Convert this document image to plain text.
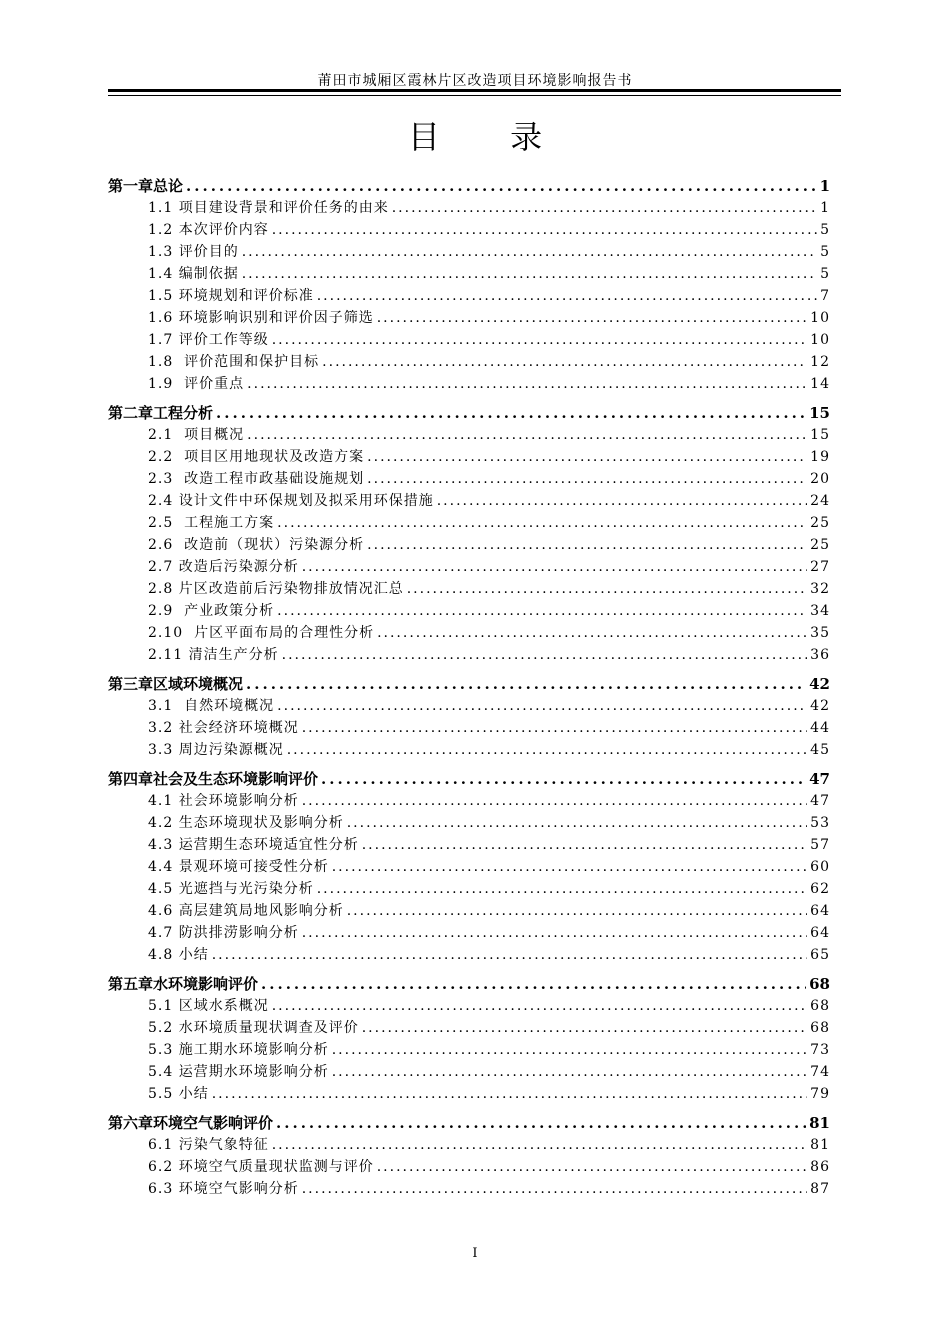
莆田市城厢区霞林片区改造项目环境影响报告书
目 录
第一章 总论 .....	1
1.1 项目建设背景和评价任务的由来 .....	1
1.2 本次评价内容 .....	5
1.3 评价目的 .....	5
1.4 编制依据 .....	5
1.5 环境规划和评价标准 .....	7
1.6 环境影响识别和评价因子筛选 .....	10
1.7 评价工作等级 .....	10
1.8  评价范围和保护目标 .....	12
1.9  评价重点 .....	14
第二章 工程分析 .....	15
2.1  项目概况 .....	15
2.2  项目区用地现状及改造方案 .....	19
2.3  改造工程市政基础设施规划 .....	20
2.4 设计文件中环保规划及拟采用环保措施 .....	24
2.5  工程施工方案 .....	25
2.6  改造前（现状）污染源分析 .....	25
2.7 改造后污染源分析 .....	27
2.8 片区改造前后污染物排放情况汇总 .....	32
2.9  产业政策分析 .....	34
2.10  片区平面布局的合理性分析 .....	35
2.11 清洁生产分析 .....	36
第三章 区域环境概况 .....	42
3.1  自然环境概况 .....	42
3.2 社会经济环境概况 .....	44
3.3 周边污染源概况 .....	45
第四章 社会及生态环境影响评价 .....	47
4.1 社会环境影响分析 .....	47
4.2 生态环境现状及影响分析 .....	53
4.3 运营期生态环境适宜性分析 .....	57
4.4 景观环境可接受性分析 .....	60
4.5 光遮挡与光污染分析 .....	62
4.6 高层建筑局地风影响分析 .....	64
4.7 防洪排涝影响分析 .....	64
4.8 小结 .....	65
第五章 水环境影响评价 .....	68
5.1 区域水系概况 .....	68
5.2 水环境质量现状调查及评价 .....	68
5.3 施工期水环境影响分析 .....	73
5.4 运营期水环境影响分析 .....	74
5.5 小结 .....	79
第六章 环境空气影响评价 .....	81
6.1 污染气象特征 .....	81
6.2 环境空气质量现状监测与评价 .....	86
6.3 环境空气影响分析 .....	87
I
